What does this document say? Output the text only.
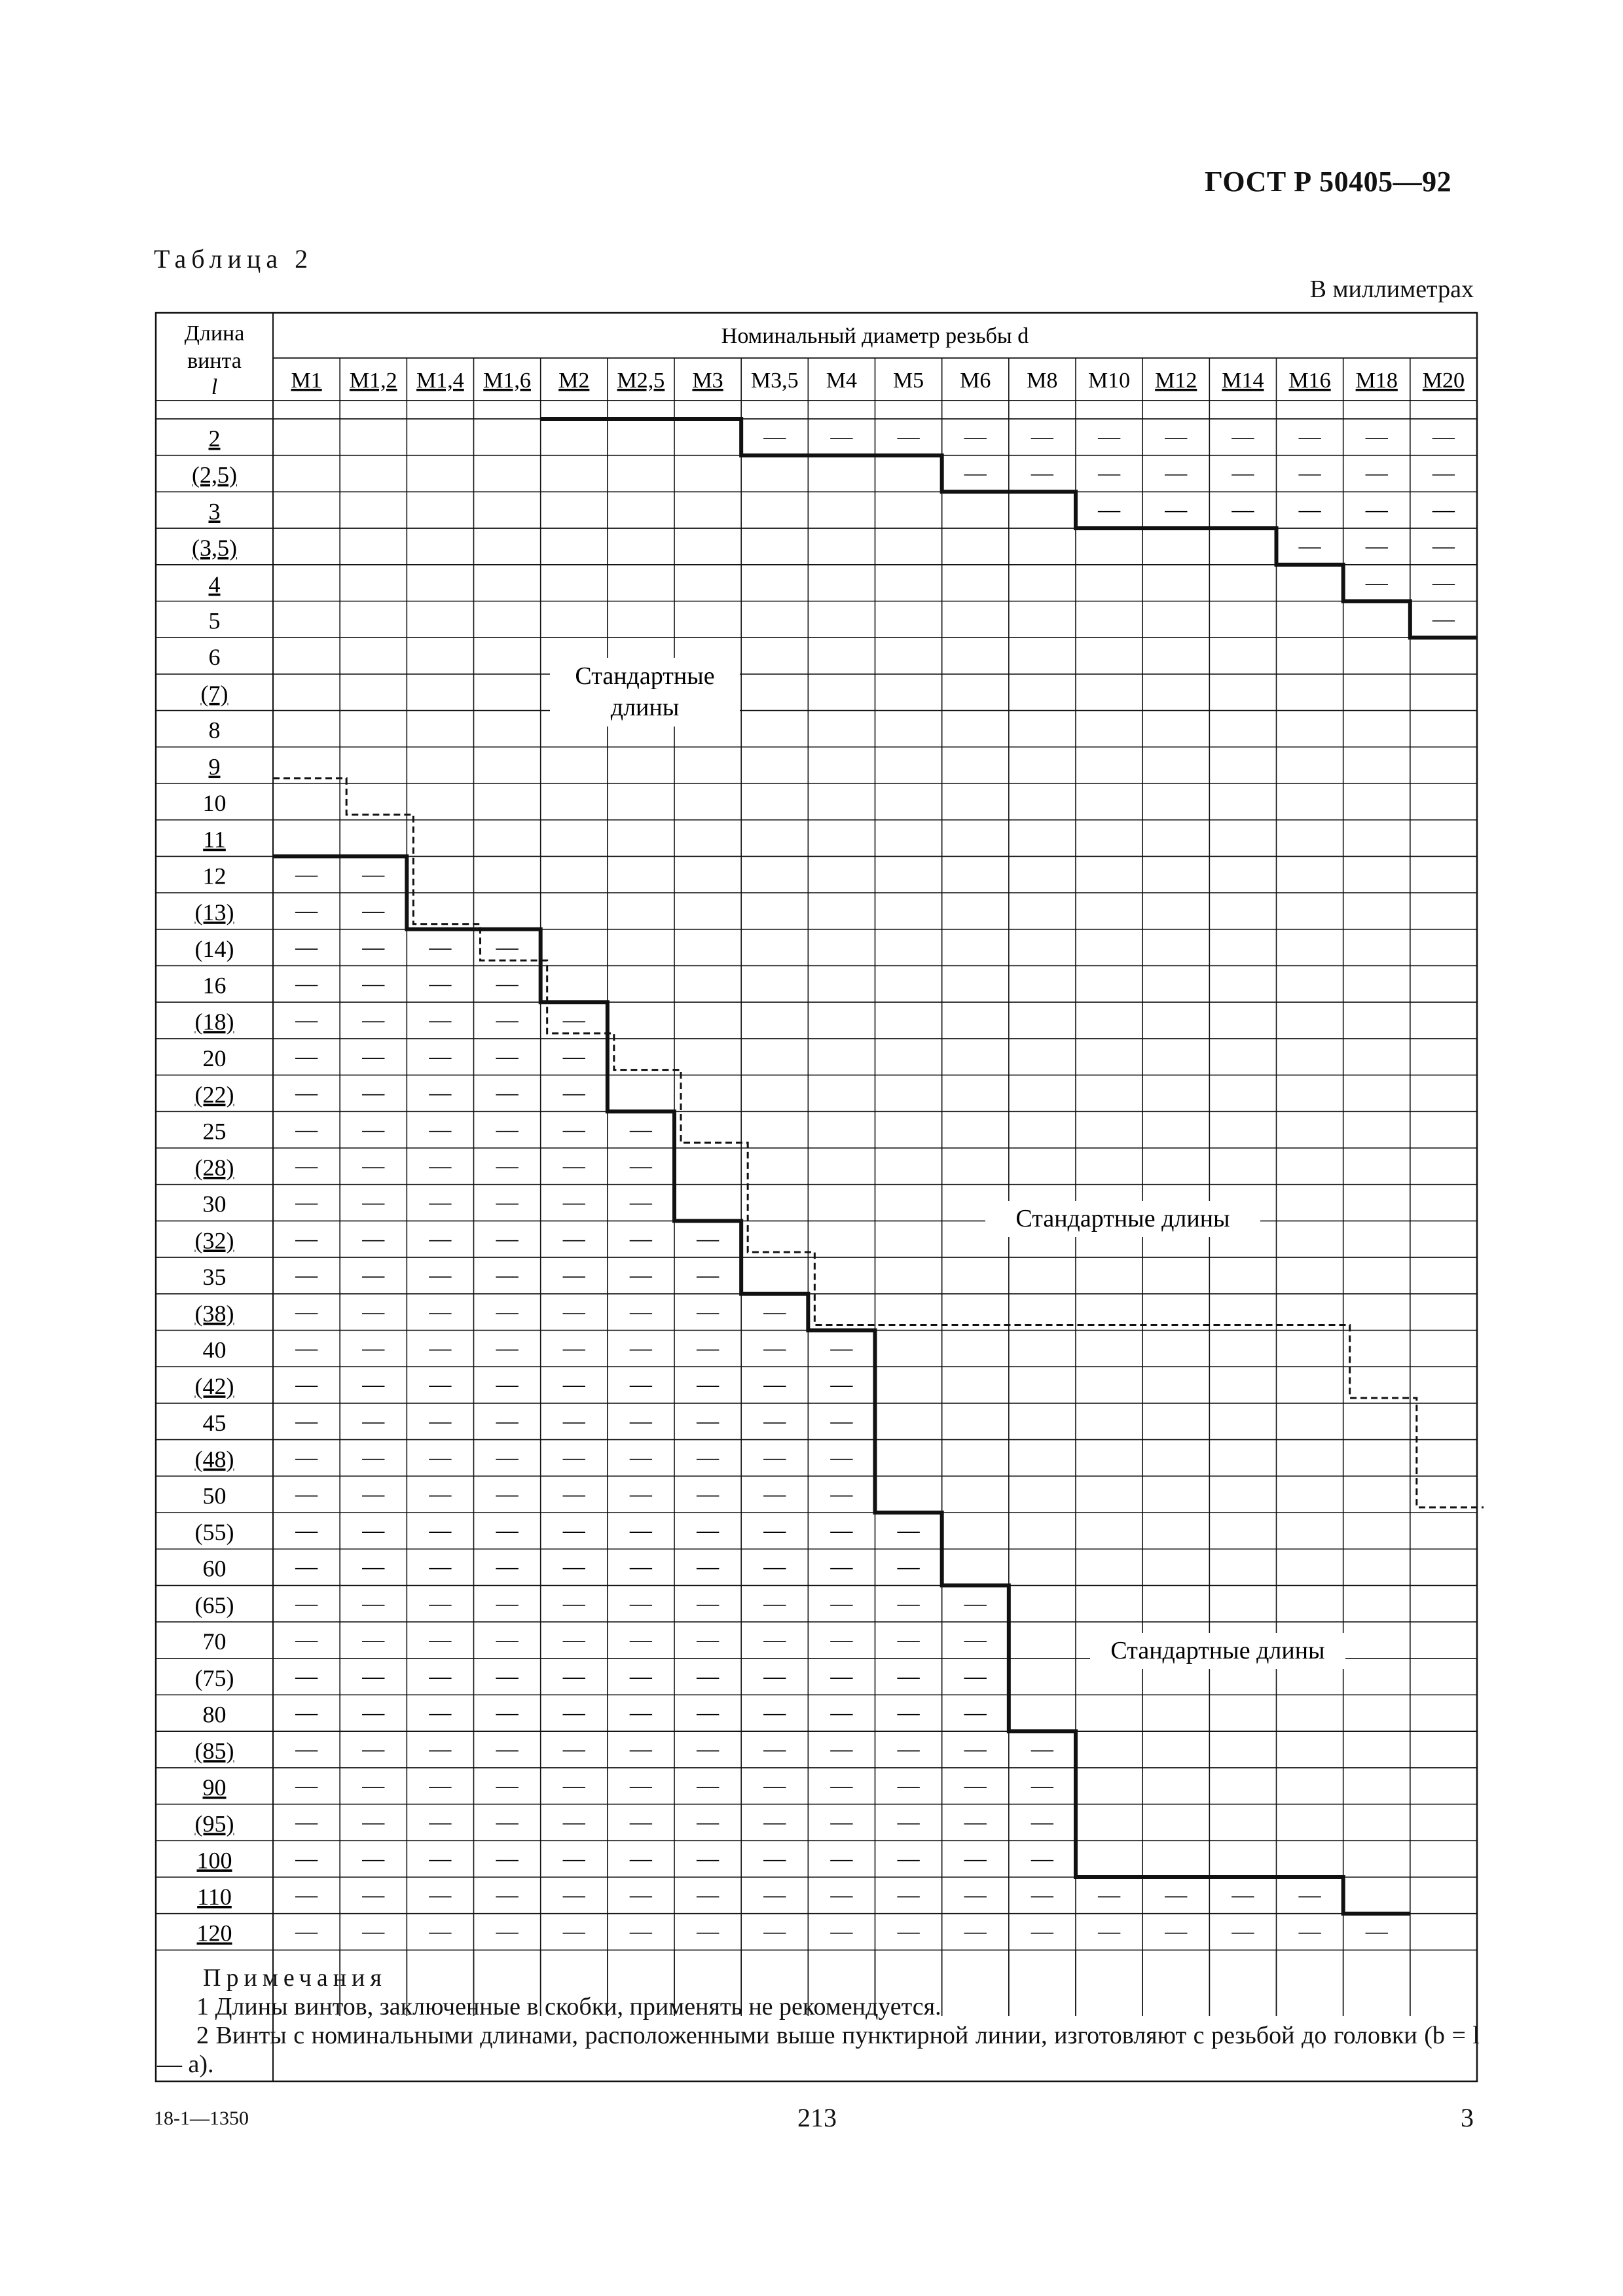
ГОСТ Р 50405—92
Таблица 2
В миллиметрах
Длина
винта
l
Номинальный диаметр резьбы d
M1 M1,2 M1,4 M1,6 M2 M2,5 M3 M3,5 M4 M5 M6 M8 M10 M12 M14 M16 M18 M20
2
(2,5)
3
(3,5)
4
5
6
(7)
8
9
10
11
12
(13)
(14)
16
(18)
20
(22)
25
(28)
30
(32)
35
(38)
40
(42)
45
(48)
50
(55)
60
(65)
70
(75)
80
(85)
90
(95)
100
110
120
—
—
—
—
—
—
—
—
—
—
—
—
—
—
—
—
—
—
—
—
—
—
—
—
—
—
—
—
—
—
—
—
—
—
—
—
—
—
—
—
—
—
—
—
—
—
—
—
—
—
—
—
—
—
—
—
—
—
—
—
—
—
—
—
—
—
—
—
—
—
—
—
—
—
—
—
—
—
—
—
—
—
—
—
—
—
—
—
—
—
—
—
—
—
—
—
—
—
—
—
—
—
—
—
—
—
—
—
—
—
—
—
—
—
—
—
—
—
—
—
—
—
—
—
—
—
—
—
—
—
—
—
—
—
—
—
—
—
—
—
—
—
—
—
—
—
—
—
—
—
—
—
—
—
—
—
—
—
—
—
—
—
—
—
—
—
—
—
—
—
—
—
—
—
—
—
—
—
—
—
—
—
—
—
—
—
—
—
—
—
—
—
—
—
—
—
—
—
—
—
—
—
—
—
—
—
—
—
—
—
—
—
—
—
—
—
—
—
—
—
—
—
—
—
—
—
—
—
—
—
—
—
—
—
—
—
—
—
—
—
—
—
—
—
—
—
—
—
—
—
—
—
—
—
—
—
—
—
—
—
—
—
—
—
—
—
—
—
—
—
—
—
—
—
—
—
—
—
—
—
—
—
—
—
—
—
—
—
Стандартные
длины
Стандартные длины
Стандартные длины
Примечания
1 Длины винтов, заключенные в скобки, применять не рекомендуется.
2 Винты с номинальными длинами, расположенными выше пунктирной линии, изготовляют с резьбой до головки (b = l — a).
18-1—1350	213	3
